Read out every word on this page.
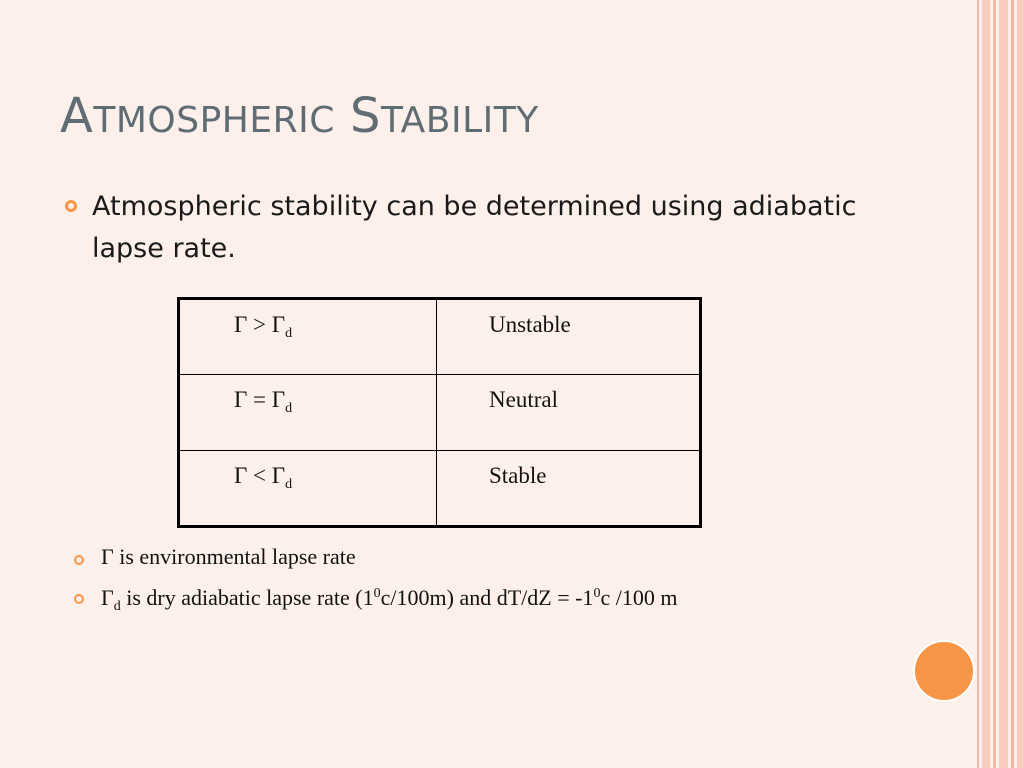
ATMOSPHERIC STABILITY
Atmospheric stability can be determined using adiabatic lapse rate.
$\Gamma > \Gamma_d$	Unstable
$\Gamma = \Gamma_d$	Neutral
$\Gamma < \Gamma_d$	Stable
Γ is environmental lapse rate
$\Gamma_d$ is dry adiabatic lapse rate $(1^0c/100m)$ and $dT/dZ = -1^0c$ /100 m
